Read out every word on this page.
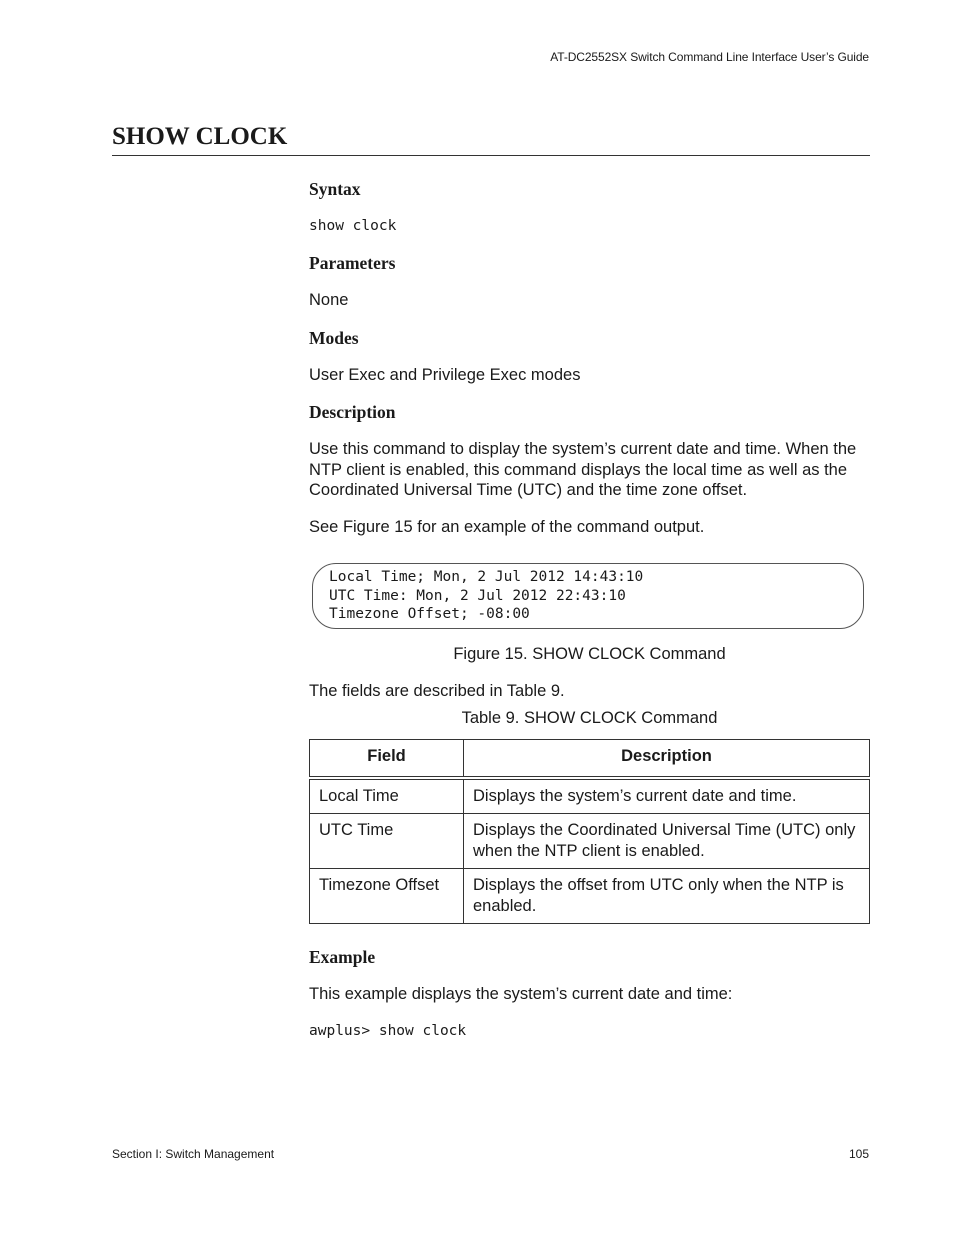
AT-DC2552SX Switch Command Line Interface User’s Guide
SHOW CLOCK
Syntax
show clock
Parameters
None
Modes
User Exec and Privilege Exec modes
Description
Use this command to display the system’s current date and time. When the NTP client is enabled, this command displays the local time as well as the Coordinated Universal Time (UTC) and the time zone offset.
See Figure 15 for an example of the command output.
Local Time; Mon, 2 Jul 2012 14:43:10
UTC Time: Mon, 2 Jul 2012 22:43:10
Timezone Offset; -08:00
Figure 15. SHOW CLOCK Command
The fields are described in Table 9.
Table 9. SHOW CLOCK Command
Field	Description
Local Time	Displays the system’s current date and time.
UTC Time	Displays the Coordinated Universal Time (UTC) only when the NTP client is enabled.
Timezone Offset	Displays the offset from UTC only when the NTP is enabled.
Example
This example displays the system’s current date and time:
awplus> show clock
Section I: Switch Management	105
